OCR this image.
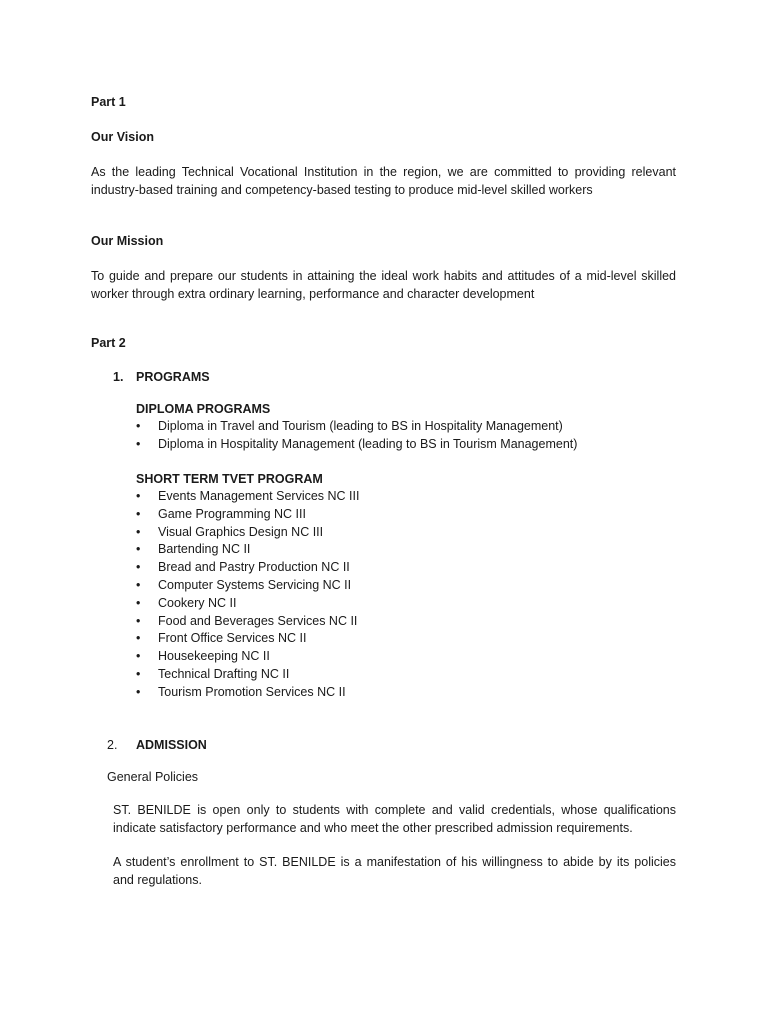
Part 1
Our Vision
As the leading Technical Vocational Institution in the region, we are committed to providing relevant industry-based training and competency-based testing to produce mid-level skilled workers
Our Mission
To guide and prepare our students in attaining the ideal work habits and attitudes of a mid-level skilled worker through extra ordinary learning, performance and character development
Part 2
1. PROGRAMS
DIPLOMA PROGRAMS
• Diploma in Travel and Tourism (leading to BS in Hospitality Management)
• Diploma in Hospitality Management (leading to BS in Tourism Management)
SHORT TERM TVET PROGRAM
• Events Management Services NC III
• Game Programming NC III
• Visual Graphics Design NC III
• Bartending NC II
• Bread and Pastry Production NC II
• Computer Systems Servicing NC II
• Cookery NC II
• Food and Beverages Services NC II
• Front Office Services NC II
• Housekeeping NC II
• Technical Drafting NC II
• Tourism Promotion Services NC II
2. ADMISSION
General Policies
ST. BENILDE is open only to students with complete and valid credentials, whose qualifications indicate satisfactory performance and who meet the other prescribed admission requirements.
A student’s enrollment to ST. BENILDE is a manifestation of his willingness to abide by its policies and regulations.
